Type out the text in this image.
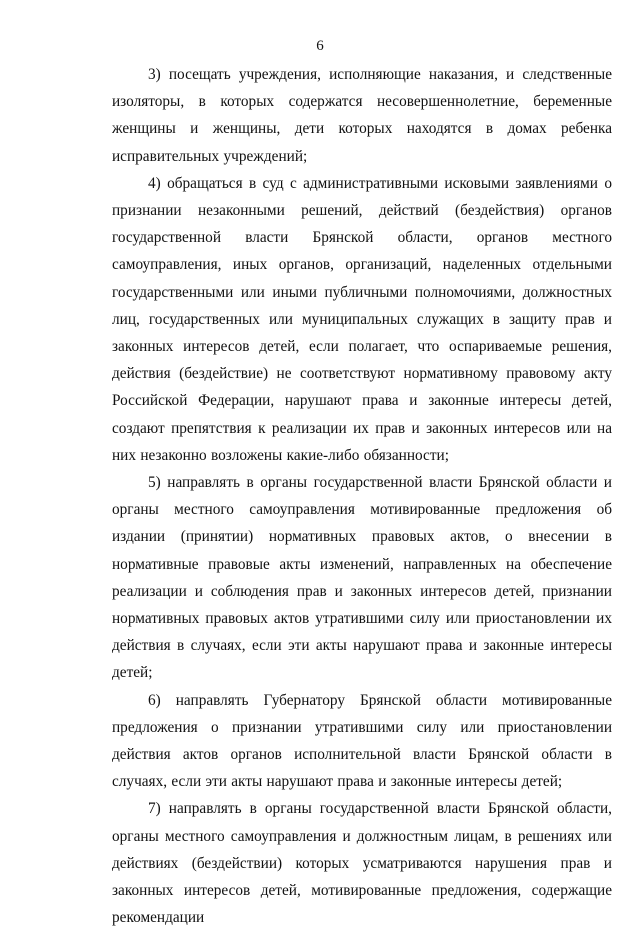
6

3) посещать учреждения, исполняющие наказания, и следственные изоляторы, в которых содержатся несовершеннолетние, беременные женщины и женщины, дети которых находятся в домах ребенка исправительных учреждений;

4) обращаться в суд с административными исковыми заявлениями о признании незаконными решений, действий (бездействия) органов государственной власти Брянской области, органов местного самоуправления, иных органов, организаций, наделенных отдельными государственными или иными публичными полномочиями, должностных лиц, государственных или муниципальных служащих в защиту прав и законных интересов детей, если полагает, что оспариваемые решения, действия (бездействие) не соответствуют нормативному правовому акту Российской Федерации, нарушают права и законные интересы детей, создают препятствия к реализации их прав и законных интересов или на них незаконно возложены какие-либо обязанности;

5) направлять в органы государственной власти Брянской области и органы местного самоуправления мотивированные предложения об издании (принятии) нормативных правовых актов, о внесении в нормативные правовые акты изменений, направленных на обеспечение реализации и соблюдения прав и законных интересов детей, признании нормативных правовых актов утратившими силу или приостановлении их действия в случаях, если эти акты нарушают права и законные интересы детей;

6) направлять Губернатору Брянской области мотивированные предложения о признании утратившими силу или приостановлении действия актов органов исполнительной власти Брянской области в случаях, если эти акты нарушают права и законные интересы детей;

7) направлять в органы государственной власти Брянской области, органы местного самоуправления и должностным лицам, в решениях или действиях (бездействии) которых усматриваются нарушения прав и законных интересов детей, мотивированные предложения, содержащие рекомендации
